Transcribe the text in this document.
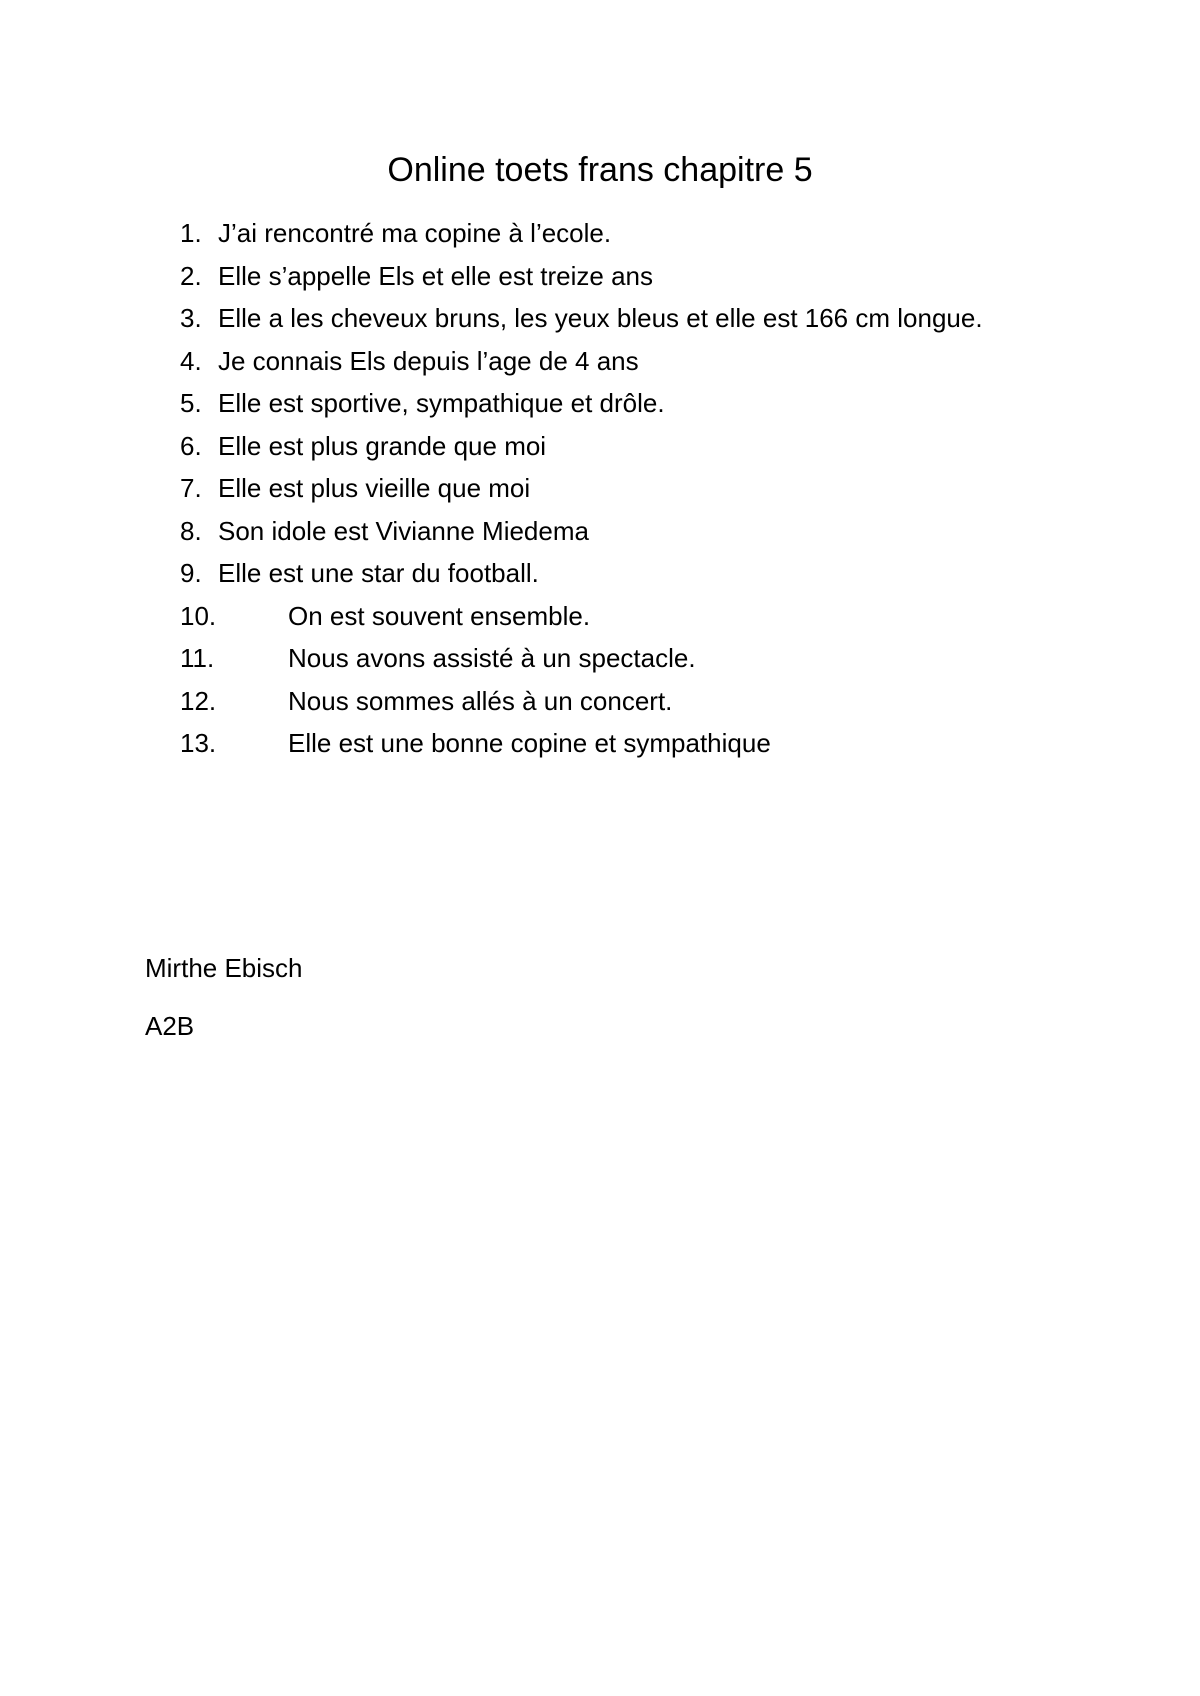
Online toets frans chapitre 5
1. J’ai rencontré ma copine à l’ecole.
2. Elle s’appelle Els et elle est treize ans
3. Elle a les cheveux bruns, les yeux bleus et elle est 166 cm longue.
4. Je connais Els depuis l’age de 4 ans
5. Elle est sportive, sympathique et drôle.
6. Elle est plus grande que moi
7. Elle est plus vieille que moi
8. Son idole est Vivianne Miedema
9. Elle est une star du football.
10.	On est souvent ensemble.
11.	Nous avons assisté à un spectacle.
12.	Nous sommes allés à un concert.
13.	Elle est une bonne copine et sympathique

Mirthe Ebisch

A2B
